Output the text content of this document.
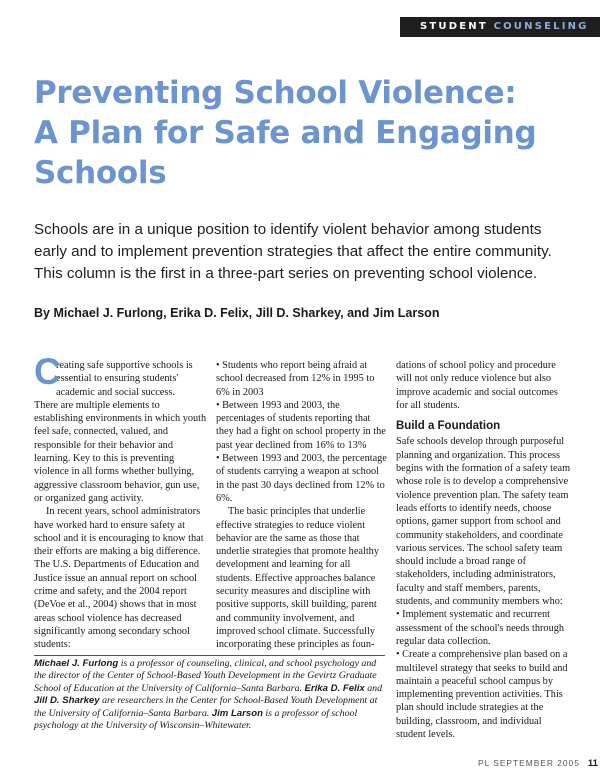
STUDENT COUNSELING
Preventing School Violence:
A Plan for Safe and Engaging
Schools

Schools are in a unique position to identify violent behavior among students early and to implement prevention strategies that affect the entire community. This column is the first in a three-part series on preventing school violence.

By Michael J. Furlong, Erika D. Felix, Jill D. Sharkey, and Jim Larson

C
reating safe supportive schools is essential to ensuring students' academic and social success.

There are multiple elements to establishing environments in which youth feel safe, connected, valued, and responsible for their behavior and learning. Key to this is preventing violence in all forms whether bullying, aggressive classroom behavior, gun use, or organized gang activity.

In recent years, school administrators have worked hard to ensure safety at school and it is encouraging to know that their efforts are making a big difference. The U.S. Departments of Education and Justice issue an annual report on school crime and safety, and the 2004 report (DeVoe et al., 2004) shows that in most areas school violence has decreased significantly among secondary school students:

• Students who report being afraid at school decreased from 12% in 1995 to 6% in 2003

• Between 1993 and 2003, the percentages of students reporting that they had a fight on school property in the past year declined from 16% to 13%

• Between 1993 and 2003, the percentage of students carrying a weapon at school in the past 30 days declined from 12% to 6%.

The basic principles that underlie effective strategies to reduce violent behavior are the same as those that underlie strategies that promote healthy development and learning for all students. Effective approaches balance security measures and discipline with positive supports, skill building, parent and community involvement, and improved school climate. Successfully incorporating these principles as foun-

dations of school policy and procedure will not only reduce violence but also improve academic and social outcomes for all students.

Build a Foundation

Safe schools develop through purposeful planning and organization. This process begins with the formation of a safety team whose role is to develop a comprehensive violence prevention plan. The safety team leads efforts to identify needs, choose options, garner support from school and community stakeholders, and coordinate various services. The school safety team should include a broad range of stakeholders, including administrators, faculty and staff members, parents, students, and community members who:

• Implement systematic and recurrent assessment of the school's needs through regular data collection.

• Create a comprehensive plan based on a multilevel strategy that seeks to build and maintain a peaceful school campus by implementing prevention activities. This plan should include strategies at the building, classroom, and individual student levels.

Michael J. Furlong is a professor of counseling, clinical, and school psychology and the director of the Center of School-Based Youth Development in the Gevirtz Graduate School of Education at the University of California–Santa Barbara. Erika D. Felix and Jill D. Sharkey are researchers in the Center for School-Based Youth Development at the University of California–Santa Barbara. Jim Larson is a professor of school psychology at the University of Wisconsin–Whitewater.
PL SEPTEMBER 2005 11
